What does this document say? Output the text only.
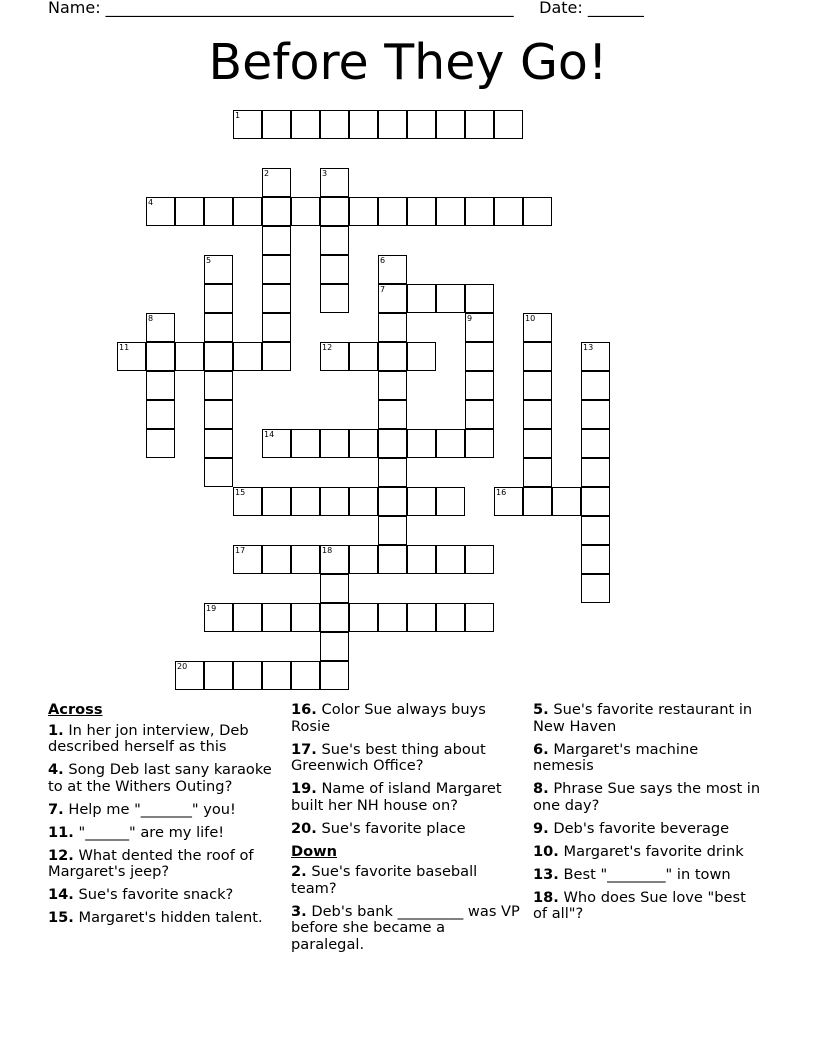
Name: ___________________________________________________ Date: _______
Before They Go!
1
2	3
4
5	6
7
8	9	10
11	12	13
14
15	16
17	18
19
20
Across
1. In her jon interview, Deb described herself as this
4. Song Deb last sany karaoke to at the Withers Outing?
7. Help me "_______" you!
11. "______" are my life!
12. What dented the roof of Margaret's jeep?
14. Sue's favorite snack?
15. Margaret's hidden talent.
16. Color Sue always buys Rosie
17. Sue's best thing about Greenwich Office?
19. Name of island Margaret built her NH house on?
20. Sue's favorite place
Down
2. Sue's favorite baseball team?
3. Deb's bank _________ was VP before she became a paralegal.
5. Sue's favorite restaurant in New Haven
6. Margaret's machine nemesis
8. Phrase Sue says the most in one day?
9. Deb's favorite beverage
10. Margaret's favorite drink
13. Best "________" in town
18. Who does Sue love "best of all"?
